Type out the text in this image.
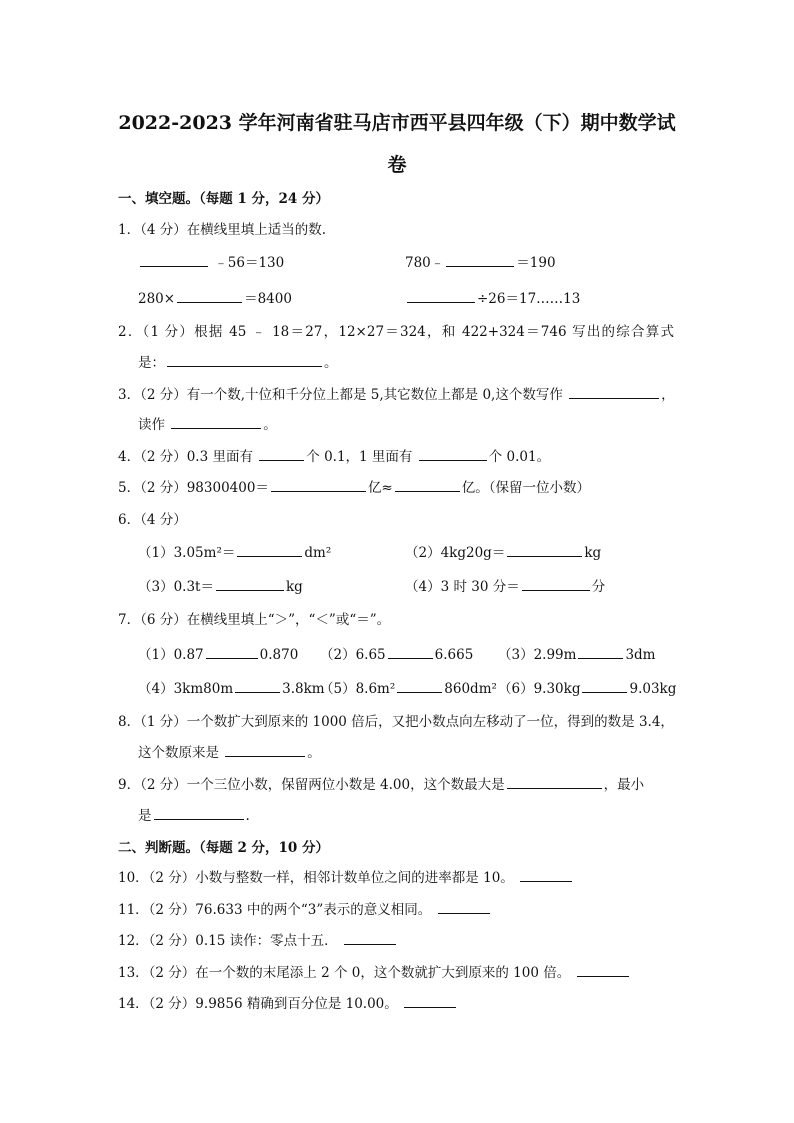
2022-2023 学年河南省驻马店市西平县四年级（下）期中数学试
卷
一、填空题。（每题 1 分，24 分）
1．（4 分）在横线里填上适当的数.
﹣56＝130	780﹣	＝190
280×	＝8400	÷26＝17……13
2．（1 分）根据 45 ﹣ 18＝27，12×27＝324，和 422+324＝746 写出的综合算式
是：	。
3．（2 分）有一个数,十位和千分位上都是 5,其它数位上都是 0,这个数写作	，
读作	。
4．（2 分）0.3 里面有	个 0.1，1 里面有	个 0.01。
5．（2 分）98300400＝	亿≈	亿。（保留一位小数）
6．（4 分）
（1）3.05m²＝	dm²	（2）4kg20g＝	kg
（3）0.3t＝	kg	（4）3 时 30 分＝	分
7．（6 分）在横线里填上“＞”，“＜”或“＝”。
（1）0.87	0.870 （2）6.65	6.665 （3）2.99m	3dm
（4）3km80m	3.8km
（5）8.6m²	860dm² （6）9.30kg	9.03kg
8．（1 分）一个数扩大到原来的 1000 倍后，又把小数点向左移动了一位，得到的数是 3.4，
这个数原来是	。
9．（2 分）一个三位小数，保留两位小数是 4.00，这个数最大是	，最小
是	.
二、判断题。（每题 2 分，10 分）
10．（2 分）小数与整数一样，相邻计数单位之间的进率都是 10。
11．（2 分）76.633 中的两个“3”表示的意义相同。
12．（2 分）0.15 读作：零点十五．
13．（2 分）在一个数的末尾添上 2 个 0，这个数就扩大到原来的 100 倍。
14．（2 分）9.9856 精确到百分位是 10.00。
